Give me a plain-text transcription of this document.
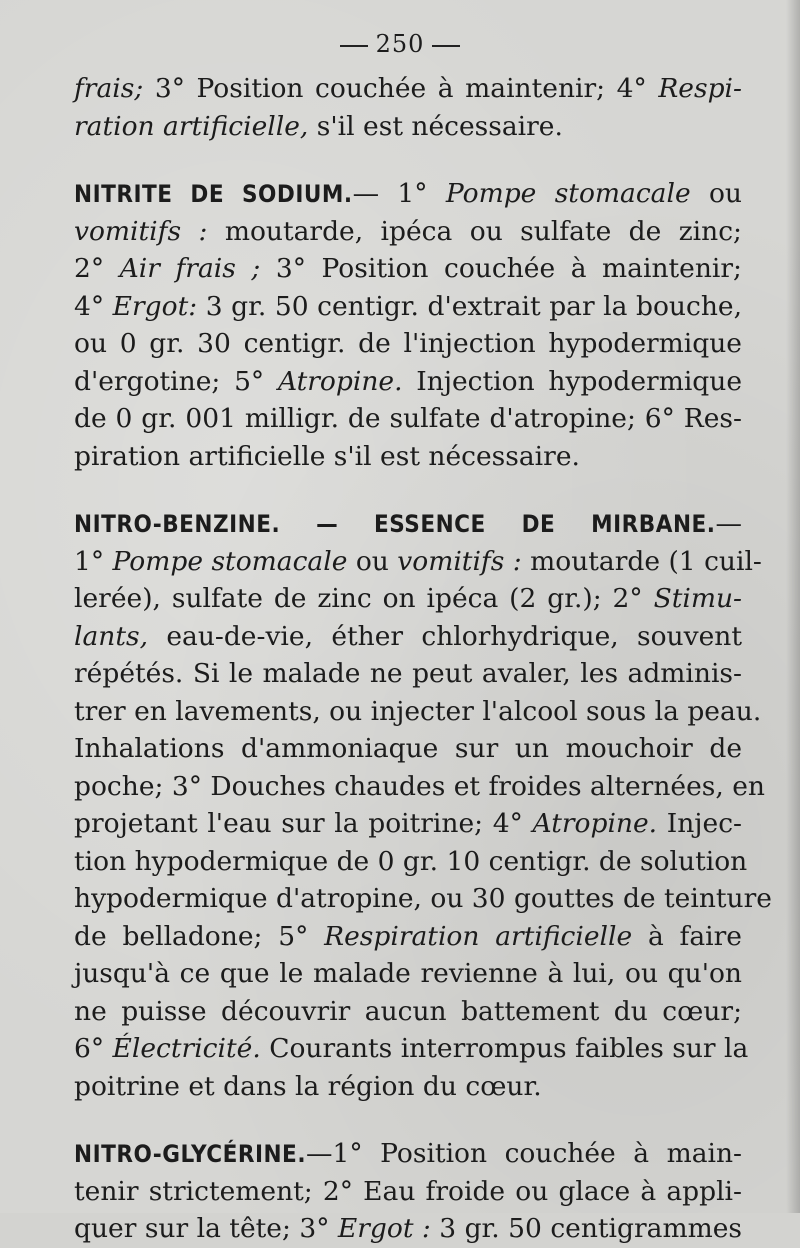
250
frais; 3° Position couchée à maintenir; 4° Respi-
ration artificielle, s'il est nécessaire.
NITRITE DE SODIUM.— 1° Pompe stomacale ou
vomitifs : moutarde, ipéca ou sulfate de zinc;
2° Air frais ; 3° Position couchée à maintenir;
4° Ergot: 3 gr. 50 centigr. d'extrait par la bouche,
ou 0 gr. 30 centigr. de l'injection hypodermique
d'ergotine; 5° Atropine. Injection hypodermique
de 0 gr. 001 milligr. de sulfate d'atropine; 6° Res-
piration artificielle s'il est nécessaire.
NITRO-BENZINE. — ESSENCE DE MIRBANE.—
1° Pompe stomacale ou vomitifs : moutarde (1 cuil-
lerée), sulfate de zinc on ipéca (2 gr.); 2° Stimu-
lants, eau-de-vie, éther chlorhydrique, souvent
répétés. Si le malade ne peut avaler, les adminis-
trer en lavements, ou injecter l'alcool sous la peau.
Inhalations d'ammoniaque sur un mouchoir de
poche; 3° Douches chaudes et froides alternées, en
projetant l'eau sur la poitrine; 4° Atropine. Injec-
tion hypodermique de 0 gr. 10 centigr. de solution
hypodermique d'atropine, ou 30 gouttes de teinture
de belladone; 5° Respiration artificielle à faire
jusqu'à ce que le malade revienne à lui, ou qu'on
ne puisse découvrir aucun battement du cœur;
6° Électricité. Courants interrompus faibles sur la
poitrine et dans la région du cœur.
NITRO-GLYCÉRINE.—1° Position couchée à main-
tenir strictement; 2° Eau froide ou glace à appli-
quer sur la tête; 3° Ergot : 3 gr. 50 centigrammes
